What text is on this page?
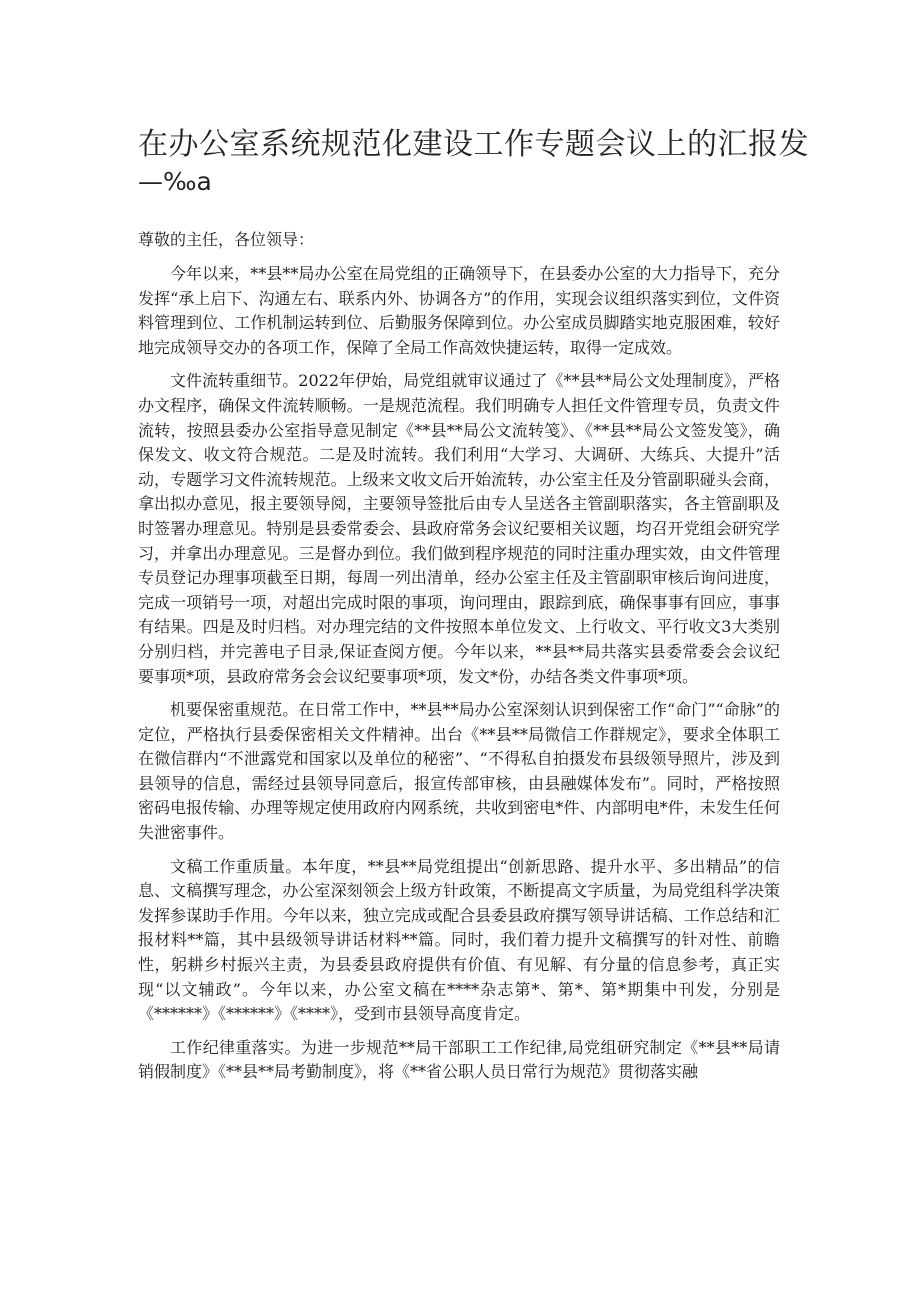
在办公室系统规范化建设工作专题会议上的汇报发
—‰a

尊敬的主任，各位领导：

今年以来，**县**局办公室在局党组的正确领导下，在县委办公室的大力指导下，充分发挥“承上启下、沟通左右、联系内外、协调各方”的作用，实现会议组织落实到位，文件资料管理到位、工作机制运转到位、后勤服务保障到位。办公室成员脚踏实地克服困难，较好地完成领导交办的各项工作，保障了全局工作高效快捷运转，取得一定成效。

文件流转重细节。2022年伊始，局党组就审议通过了《**县**局公文处理制度》，严格办文程序，确保文件流转顺畅。一是规范流程。我们明确专人担任文件管理专员，负责文件流转，按照县委办公室指导意见制定《**县**局公文流转笺》、《**县**局公文签发笺》，确保发文、收文符合规范。二是及时流转。我们利用“大学习、大调研、大练兵、大提升”活动，专题学习文件流转规范。上级来文收文后开始流转，办公室主任及分管副职碰头会商，拿出拟办意见，报主要领导阅，主要领导签批后由专人呈送各主管副职落实，各主管副职及时签署办理意见。特别是县委常委会、县政府常务会议纪要相关议题，均召开党组会研究学习，并拿出办理意见。三是督办到位。我们做到程序规范的同时注重办理实效，由文件管理专员登记办理事项截至日期，每周一列出清单，经办公室主任及主管副职审核后询问进度，完成一项销号一项，对超出完成时限的事项，询问理由，跟踪到底，确保事事有回应，事事有结果。四是及时归档。对办理完结的文件按照本单位发文、上行收文、平行收文3大类别分别归档，并完善电子目录,保证查阅方便。今年以来，**县**局共落实县委常委会会议纪要事项*项，县政府常务会会议纪要事项*项，发文*份，办结各类文件事项*项。

机要保密重规范。在日常工作中，**县**局办公室深刻认识到保密工作“命门”“命脉”的定位，严格执行县委保密相关文件精神。出台《**县**局微信工作群规定》，要求全体职工在微信群内“不泄露党和国家以及单位的秘密”、“不得私自拍摄发布县级领导照片，涉及到县领导的信息，需经过县领导同意后，报宣传部审核，由县融媒体发布”。同时，严格按照密码电报传输、办理等规定使用政府内网系统，共收到密电*件、内部明电*件，未发生任何失泄密事件。

文稿工作重质量。本年度，**县**局党组提出“创新思路、提升水平、多出精品”的信息、文稿撰写理念，办公室深刻领会上级方针政策，不断提高文字质量，为局党组科学决策发挥参谋助手作用。今年以来，独立完成或配合县委县政府撰写领导讲话稿、工作总结和汇报材料**篇，其中县级领导讲话材料**篇。同时，我们着力提升文稿撰写的针对性、前瞻性，躬耕乡村振兴主责，为县委县政府提供有价值、有见解、有分量的信息参考，真正实现“以文辅政”。今年以来，办公室文稿在****杂志第*、第*、第*期集中刊发，分别是《******》《******》《****》，受到市县领导高度肯定。

工作纪律重落实。为进一步规范**局干部职工工作纪律,局党组研究制定《**县**局请销假制度》《**县**局考勤制度》，将《**省公职人员日常行为规范》贯彻落实融
